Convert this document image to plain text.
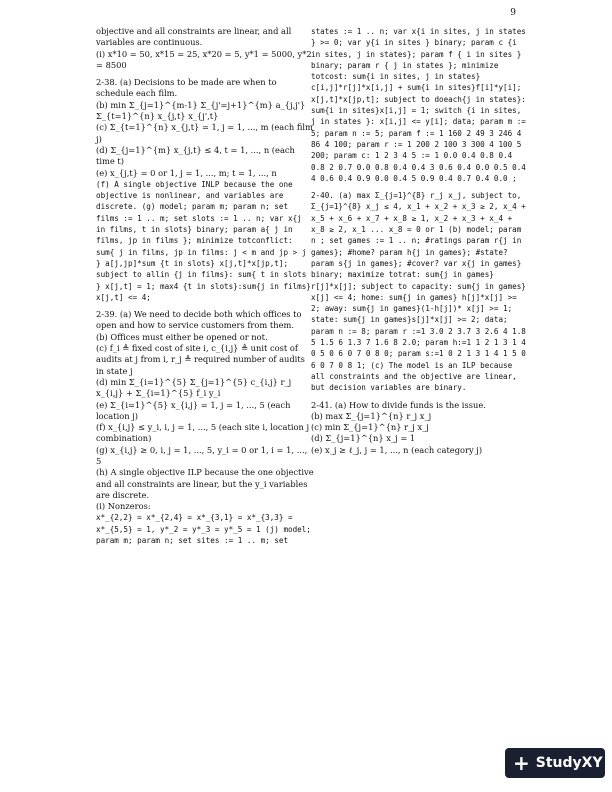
9

objective and all constraints are linear, and all variables are continuous.

(i) x*10 = 50, x*15 = 25, x*20 = 5, y*1 = 5000, y*2 = 8500

2-38. (a) Decisions to be made are when to schedule each film.

(b) min Σ_{j=1}^{m-1} Σ_{j'=j+1}^{m} a_{j,j'} Σ_{t=1}^{n} x_{j,t} x_{j',t}

(c) Σ_{t=1}^{n} x_{j,t} = 1, j = 1, ..., m (each film j)

(d) Σ_{j=1}^{m} x_{j,t} ≤ 4, t = 1, ..., n (each time t)

(e) x_{j,t} = 0 or 1, j = 1, ..., m; t = 1, ..., n

(f) A single objective INLP because the one objective is nonlinear, and variables are discrete. (g) model; param m; param n; set films := 1 .. m; set slots := 1 .. n; var x{j in films, t in slots} binary; param a{ j in films, jp in films }; minimize totconflict: sum{ j in films, jp in films: j < m and jp > j } a[j,jp]*sum {t in slots} x[j,t]*x[jp,t]; subject to allin {j in films}: sum{ t in slots } x[j,t] = 1; max4 {t in slots}:sum{j in films} x[j,t] <= 4;

2-39. (a) We need to decide both which offices to open and how to service customers from them.

(b) Offices must either be opened or not.

(c) f_i ≜ fixed cost of site i, c_{i,j} ≜ unit cost of audits at j from i, r_j ≜ required number of audits in state j

(d) min Σ_{i=1}^{5} Σ_{j=1}^{5} c_{i,j} r_j x_{i,j} + Σ_{i=1}^{5} f_i y_i

(e) Σ_{i=1}^{5} x_{i,j} = 1, j = 1, ..., 5 (each location j)

(f) x_{i,j} ≤ y_i, i, j = 1, ..., 5 (each site i, location j combination)

(g) x_{i,j} ≥ 0, i, j = 1, ..., 5, y_i = 0 or 1, i = 1, ..., 5

(h) A single objective ILP because the one objective and all constraints are linear, but the y_i variables are discrete.

(i) Nonzeros:

x*_{2,2} = x*_{2,4} = x*_{3,1} = x*_{3,3} = x*_{5,5} = 1, y*_2 = y*_3 = y*_5 = 1 (j) model; param m; param n; set sites := 1 .. m; set

states := 1 .. n; var x{i in sites, j in states } >= 0; var y{i in sites } binary; param c {i in sites, j in states}; param f { i in sites } binary; param r { j in states }; minimize totcost: sum{i in sites, j in states} c[i,j]*r[j]*x[i,j] + sum{i in sites}f[i]*y[i]; x[j,t]*x[jp,t]; subject to doeach{j in states}: sum{i in sites}x[i,j] = 1; switch {i in sites, j in states }: x[i,j] <= y[i]; data; param m := 5; param n := 5; param f := 1 160 2 49 3 246 4 86 4 100; param r := 1 200 2 100 3 300 4 100 5 200; param c: 1 2 3 4 5 := 1 0.0 0.4 0.8 0.4 0.8 2 0.7 0.0 0.8 0.4 0.4 3 0.6 0.4 0.0 0.5 0.4 4 0.6 0.4 0.9 0.0 0.4 5 0.9 0.4 0.7 0.4 0.0 ;

2-40. (a) max Σ_{j=1}^{8} r_j x_j, subject to, Σ_{j=1}^{8} x_j ≤ 4, x_1 + x_2 + x_3 ≥ 2, x_4 + x_5 + x_6 + x_7 + x_8 ≥ 1, x_2 + x_3 + x_4 + x_8 ≥ 2, x_1 ... x_8 = 0 or 1 (b) model; param n ; set games := 1 .. n; #ratings param r{j in games}; #home? param h{j in games}; #state? param s{j in games}; #cover? var x{j in games} binary; maximize totrat: sum{j in games} r[j]*x[j]; subject to capacity: sum{j in games} x[j] <= 4; home: sum{j in games} h[j]*x[j] >= 2; away: sum{j in games}(1-h[j])* x[j] >= 1; state: sum{j in games}s[j]*x[j] >= 2; data; param n := 8; param r :=1 3.0 2 3.7 3 2.6 4 1.8 5 1.5 6 1.3 7 1.6 8 2.0; param h:=1 1 2 1 3 1 4 0 5 0 6 0 7 0 8 0; param s:=1 0 2 1 3 1 4 1 5 0 6 0 7 0 8 1; (c) The model is an ILP because all constraints and the objective are linear, but decision variables are binary.

2-41. (a) How to divide funds is the issue.

(b) max Σ_{j=1}^{n} r_j x_j

(c) min Σ_{j=1}^{n} r_j x_j

(d) Σ_{j=1}^{n} x_j = 1

(e) x_j ≥ ℓ_j, j = 1, ..., n (each category j)

+ StudyXY
